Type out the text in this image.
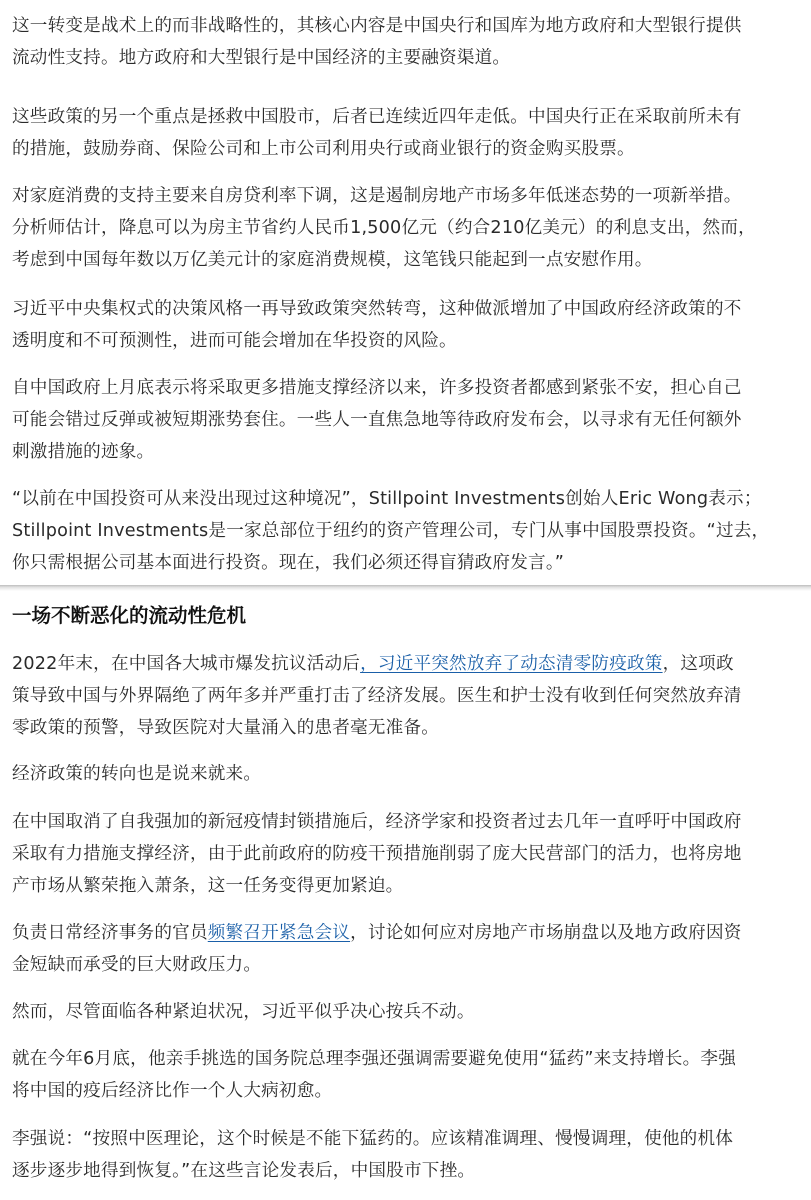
这一转变是战术上的而非战略性的，其核心内容是中国央行和国库为地方政府和大型银行提供
流动性支持。地方政府和大型银行是中国经济的主要融资渠道。

这些政策的另一个重点是拯救中国股市，后者已连续近四年走低。中国央行正在采取前所未有
的措施，鼓励券商、保险公司和上市公司利用央行或商业银行的资金购买股票。

对家庭消费的支持主要来自房贷利率下调，这是遏制房地产市场多年低迷态势的一项新举措。
分析师估计，降息可以为房主节省约人民币1,500亿元（约合210亿美元）的利息支出，然而，
考虑到中国每年数以万亿美元计的家庭消费规模，这笔钱只能起到一点安慰作用。

习近平中央集权式的决策风格一再导致政策突然转弯，这种做派增加了中国政府经济政策的不
透明度和不可预测性，进而可能会增加在华投资的风险。

自中国政府上月底表示将采取更多措施支撑经济以来，许多投资者都感到紧张不安，担心自己
可能会错过反弹或被短期涨势套住。一些人一直焦急地等待政府发布会，以寻求有无任何额外
刺激措施的迹象。

“以前在中国投资可从来没出现过这种境况”，Stillpoint Investments创始人Eric Wong表示；
Stillpoint Investments是一家总部位于纽约的资产管理公司，专门从事中国股票投资。“过去，
你只需根据公司基本面进行投资。现在，我们必须还得盲猜政府发言。”

一场不断恶化的流动性危机

2022年末，在中国各大城市爆发抗议活动后，习近平突然放弃了动态清零防疫政策，这项政
策导致中国与外界隔绝了两年多并严重打击了经济发展。医生和护士没有收到任何突然放弃清
零政策的预警，导致医院对大量涌入的患者毫无准备。

经济政策的转向也是说来就来。

在中国取消了自我强加的新冠疫情封锁措施后，经济学家和投资者过去几年一直呼吁中国政府
采取有力措施支撑经济，由于此前政府的防疫干预措施削弱了庞大民营部门的活力，也将房地
产市场从繁荣拖入萧条，这一任务变得更加紧迫。

负责日常经济事务的官员频繁召开紧急会议，讨论如何应对房地产市场崩盘以及地方政府因资
金短缺而承受的巨大财政压力。

然而，尽管面临各种紧迫状况，习近平似乎决心按兵不动。

就在今年6月底，他亲手挑选的国务院总理李强还强调需要避免使用“猛药”来支持增长。李强
将中国的疫后经济比作一个人大病初愈。

李强说：“按照中医理论，这个时候是不能下猛药的。应该精准调理、慢慢调理，使他的机体
逐步逐步地得到恢复。”在这些言论发表后，中国股市下挫。
